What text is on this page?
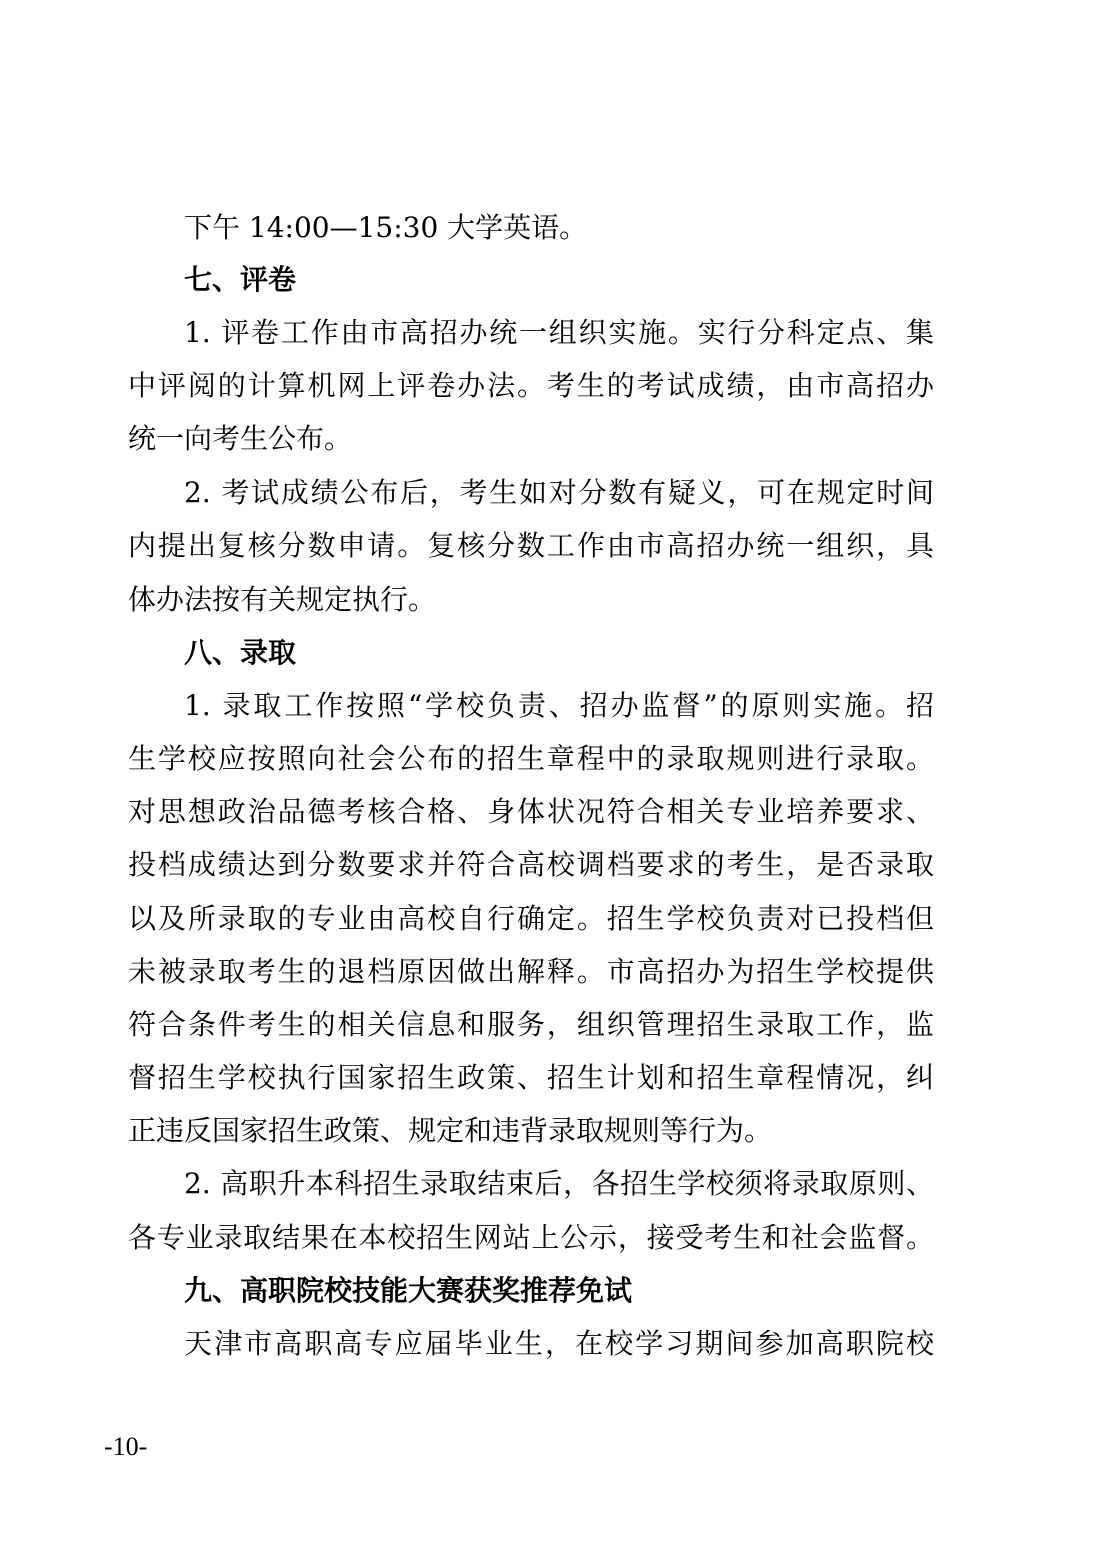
下午 14:00—15:30 大学英语。
七、评卷
1. 评卷工作由市高招办统一组织实施。实行分科定点、集
中评阅的计算机网上评卷办法。考生的考试成绩，由市高招办
统一向考生公布。
2. 考试成绩公布后，考生如对分数有疑义，可在规定时间
内提出复核分数申请。复核分数工作由市高招办统一组织，具
体办法按有关规定执行。
八、录取
1. 录取工作按照“学校负责、招办监督”的原则实施。招
生学校应按照向社会公布的招生章程中的录取规则进行录取。
对思想政治品德考核合格、身体状况符合相关专业培养要求、
投档成绩达到分数要求并符合高校调档要求的考生，是否录取
以及所录取的专业由高校自行确定。招生学校负责对已投档但
未被录取考生的退档原因做出解释。市高招办为招生学校提供
符合条件考生的相关信息和服务，组织管理招生录取工作，监
督招生学校执行国家招生政策、招生计划和招生章程情况，纠
正违反国家招生政策、规定和违背录取规则等行为。
2. 高职升本科招生录取结束后，各招生学校须将录取原则、
各专业录取结果在本校招生网站上公示，接受考生和社会监督。
九、高职院校技能大赛获奖推荐免试
天津市高职高专应届毕业生，在校学习期间参加高职院校
-10-
